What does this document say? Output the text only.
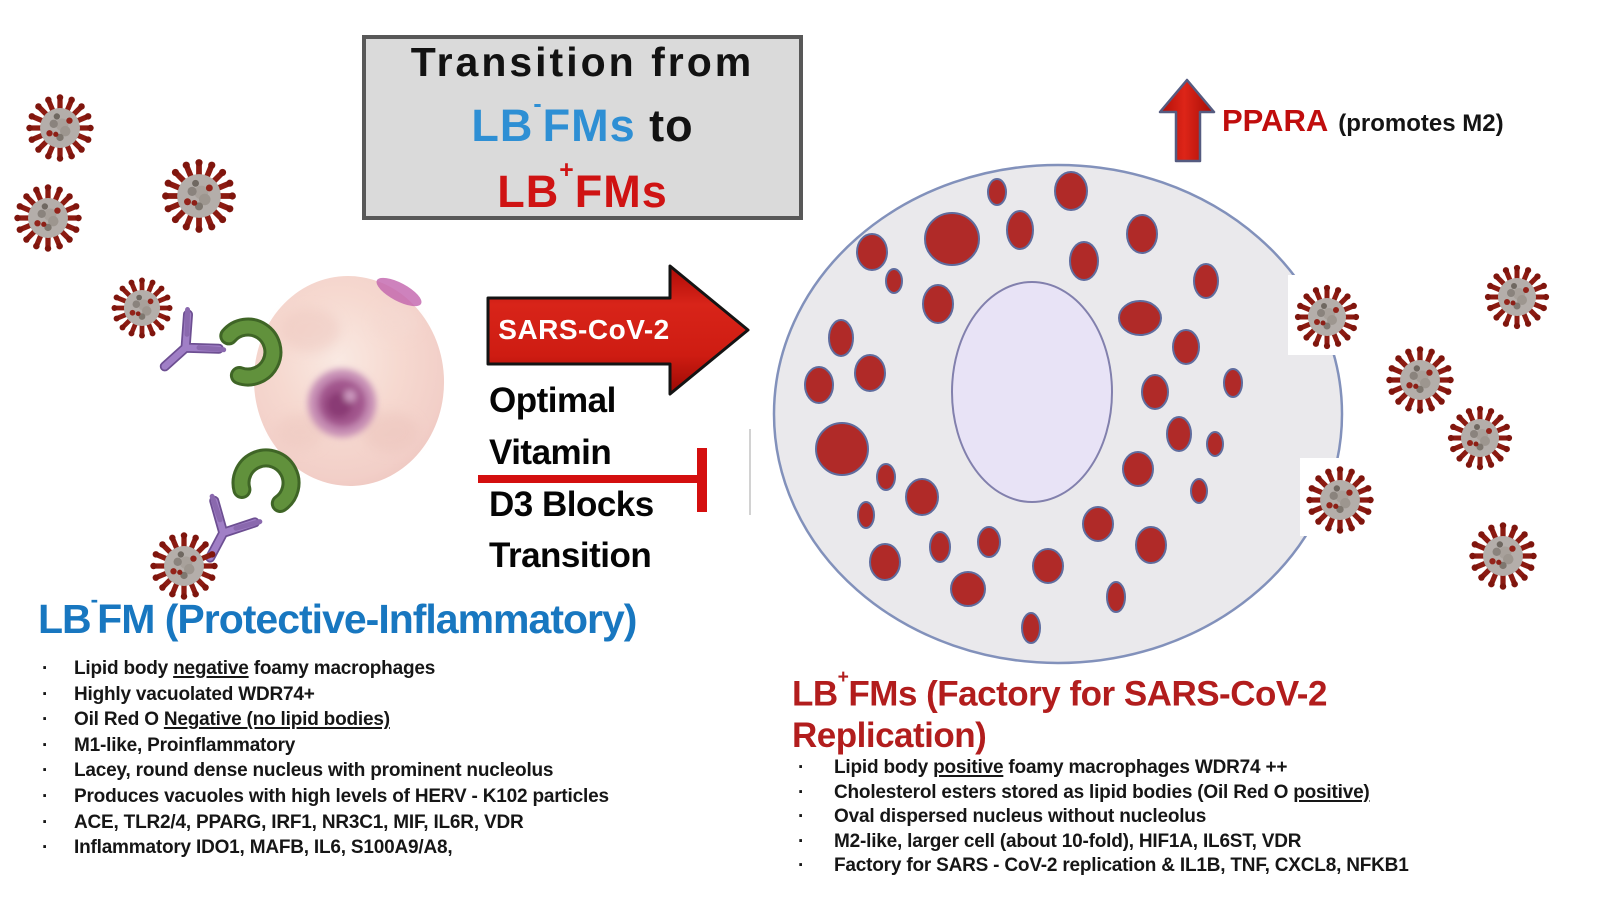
Transition from
LB-FMs to
LB+FMs
PPARA (promotes M2)
SARS-CoV-2
Optimal
Vitamin
D3 Blocks
Transition
LB-FM (Protective-Inflammatory)
·	Lipid body negative foamy macrophages
·	Highly vacuolated WDR74+
·	Oil Red O Negative (no lipid bodies)
·	M1-like, Proinflammatory
·	Lacey, round dense nucleus with prominent nucleolus
·	Produces vacuoles with high levels of HERV - K102 particles
·	ACE, TLR2/4, PPARG, IRF1, NR3C1, MIF, IL6R, VDR
·	Inflammatory IDO1, MAFB, IL6, S100A9/A8,
LB+FMs (Factory for SARS-CoV-2 Replication)
·	Lipid body positive foamy macrophages WDR74 ++
·	Cholesterol esters stored as lipid bodies (Oil Red O positive)
·	Oval dispersed nucleus without nucleolus
·	M2-like, larger cell (about 10-fold), HIF1A, IL6ST, VDR
·	Factory for SARS - CoV-2 replication & IL1B, TNF, CXCL8, NFKB1
